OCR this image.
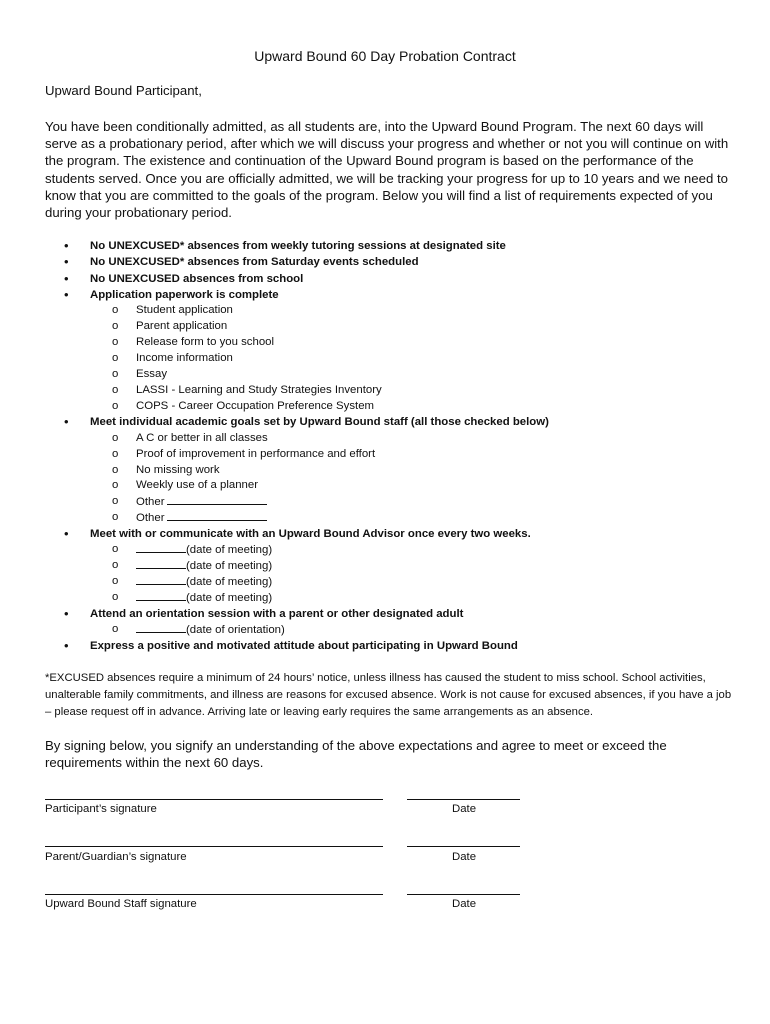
Upward Bound 60 Day Probation Contract
Upward Bound Participant,
You have been conditionally admitted, as all students are, into the Upward Bound Program. The next 60 days will serve as a probationary period, after which we will discuss your progress and whether or not you will continue on with the program. The existence and continuation of the Upward Bound program is based on the performance of the students served. Once you are officially admitted, we will be tracking your progress for up to 10 years and we need to know that you are committed to the goals of the program. Below you will find a list of requirements expected of you during your probationary period.
• No UNEXCUSED* absences from weekly tutoring sessions at designated site
• No UNEXCUSED* absences from Saturday events scheduled
• No UNEXCUSED absences from school
• Application paperwork is complete
o Student application
o Parent application
o Release form to you school
o Income information
o Essay
o LASSI - Learning and Study Strategies Inventory
o COPS - Career Occupation Preference System
• Meet individual academic goals set by Upward Bound staff (all those checked below)
o A C or better in all classes
o Proof of improvement in performance and effort
o No missing work
o Weekly use of a planner
o Other
o Other
• Meet with or communicate with an Upward Bound Advisor once every two weeks.
o	(date of meeting)
o	(date of meeting)
o	(date of meeting)
o	(date of meeting)
• Attend an orientation session with a parent or other designated adult
o	(date of orientation)
• Express a positive and motivated attitude about participating in Upward Bound
*EXCUSED absences require a minimum of 24 hours’ notice, unless illness has caused the student to miss school. School activities, unalterable family commitments, and illness are reasons for excused absence. Work is not cause for excused absences, if you have a job – please request off in advance. Arriving late or leaving early requires the same arrangements as an absence.
By signing below, you signify an understanding of the above expectations and agree to meet or exceed the requirements within the next 60 days.
Participant’s signature	Date
Parent/Guardian’s signature	Date
Upward Bound Staff signature	Date
